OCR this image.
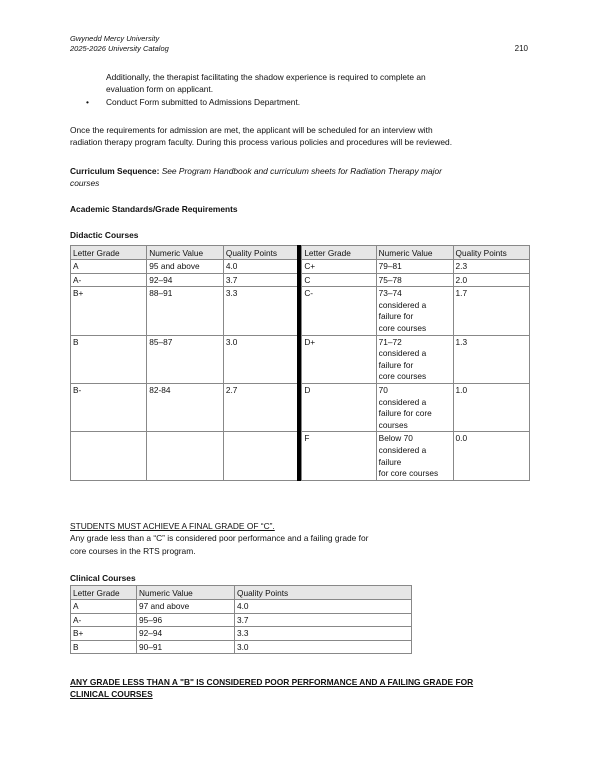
Gwynedd Mercy University
2025-2026 University Catalog	210
Additionally, the therapist facilitating the shadow experience is required to complete an
evaluation form on applicant.
• Conduct Form submitted to Admissions Department.
Once the requirements for admission are met, the applicant will be scheduled for an interview with
radiation therapy program faculty. During this process various policies and procedures will be reviewed.
Curriculum Sequence: See Program Handbook and curriculum sheets for Radiation Therapy major
courses
Academic Standards/Grade Requirements
Didactic Courses
Letter Grade	Numeric Value	Quality Points		Letter Grade	Numeric Value	Quality Points
A	95 and above	4.0		C+	79–81	2.3
A-	92–94	3.7		C	75–78	2.0
B+	88–91	3.3		C-	73–74
considered a
failure for
core courses	1.7
B	85–87	3.0		D+	71–72
considered a
failure for
core courses	1.3
B-	82-84	2.7		D	70
considered a
failure for core
courses	1.0
				F	Below 70
considered a
failure
for core courses	0.0
STUDENTS MUST ACHIEVE A FINAL GRADE OF “C”.
Any grade less than a “C” is considered poor performance and a failing grade for
core courses in the RTS program.
Clinical Courses
Letter Grade	Numeric Value	Quality Points
A	97 and above	4.0
A-	95–96	3.7
B+	92–94	3.3
B	90–91	3.0
ANY GRADE LESS THAN A "B" IS CONSIDERED POOR PERFORMANCE AND A FAILING GRADE FOR
CLINICAL COURSES
